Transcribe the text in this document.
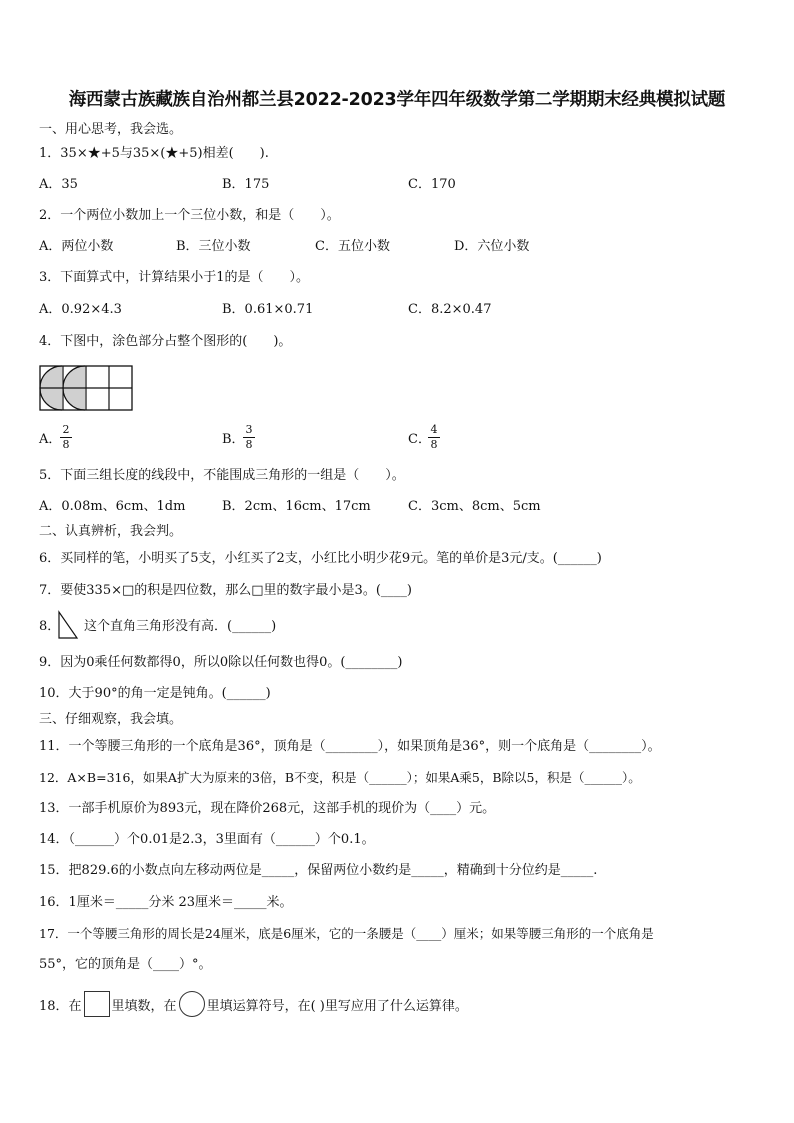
海西蒙古族藏族自治州都兰县2022-2023学年四年级数学第二学期期末经典模拟试题
一、用心思考，我会选。
1．35×★+5与35×(★+5)相差(　　).
A．35	B．175	C．170
2．一个两位小数加上一个三位小数，和是（　　）。
A．两位小数	B．三位小数	C．五位小数	D．六位小数
3．下面算式中，计算结果小于1的是（　　）。
A．0.92×4.3	B．0.61×0.71	C．8.2×0.47
4．下图中，涂色部分占整个图形的(　　)。
A．
2
8	B．
3
8	C．
4
8
5．下面三组长度的线段中，不能围成三角形的一组是（　　）。
A．0.08m、6cm、1dm	B．2cm、16cm、17cm	C．3cm、8cm、5cm
二、认真辨析，我会判。
6．买同样的笔，小明买了5支，小红买了2支，小红比小明少花9元。笔的单价是3元/支。(______)
7．要使335×□的积是四位数，那么□里的数字最小是3。(____)
8． 这个直角三角形没有高．(______)
9．因为0乘任何数都得0，所以0除以任何数也得0。(________)
10．大于90°的角一定是钝角。(______)
三、仔细观察，我会填。
11．一个等腰三角形的一个底角是36°，顶角是（________），如果顶角是36°，则一个底角是（________）。
12．A×B=316，如果A扩大为原来的3倍，B不变，积是（______）；如果A乘5，B除以5，积是（______）。
13．一部手机原价为893元，现在降价268元，这部手机的现价为（____）元。
14．（______）个0.01是2.3，3里面有（______）个0.1。
15．把829.6的小数点向左移动两位是_____，保留两位小数约是_____，精确到十分位约是_____.
16．1厘米＝_____分米 23厘米＝_____米。
17．一个等腰三角形的周长是24厘米，底是6厘米，它的一条腰是（____）厘米；如果等腰三角形的一个底角是
55°，它的顶角是（____）°。
18．在 里填数，在 里填运算符号，在( )里写应用了什么运算律。
